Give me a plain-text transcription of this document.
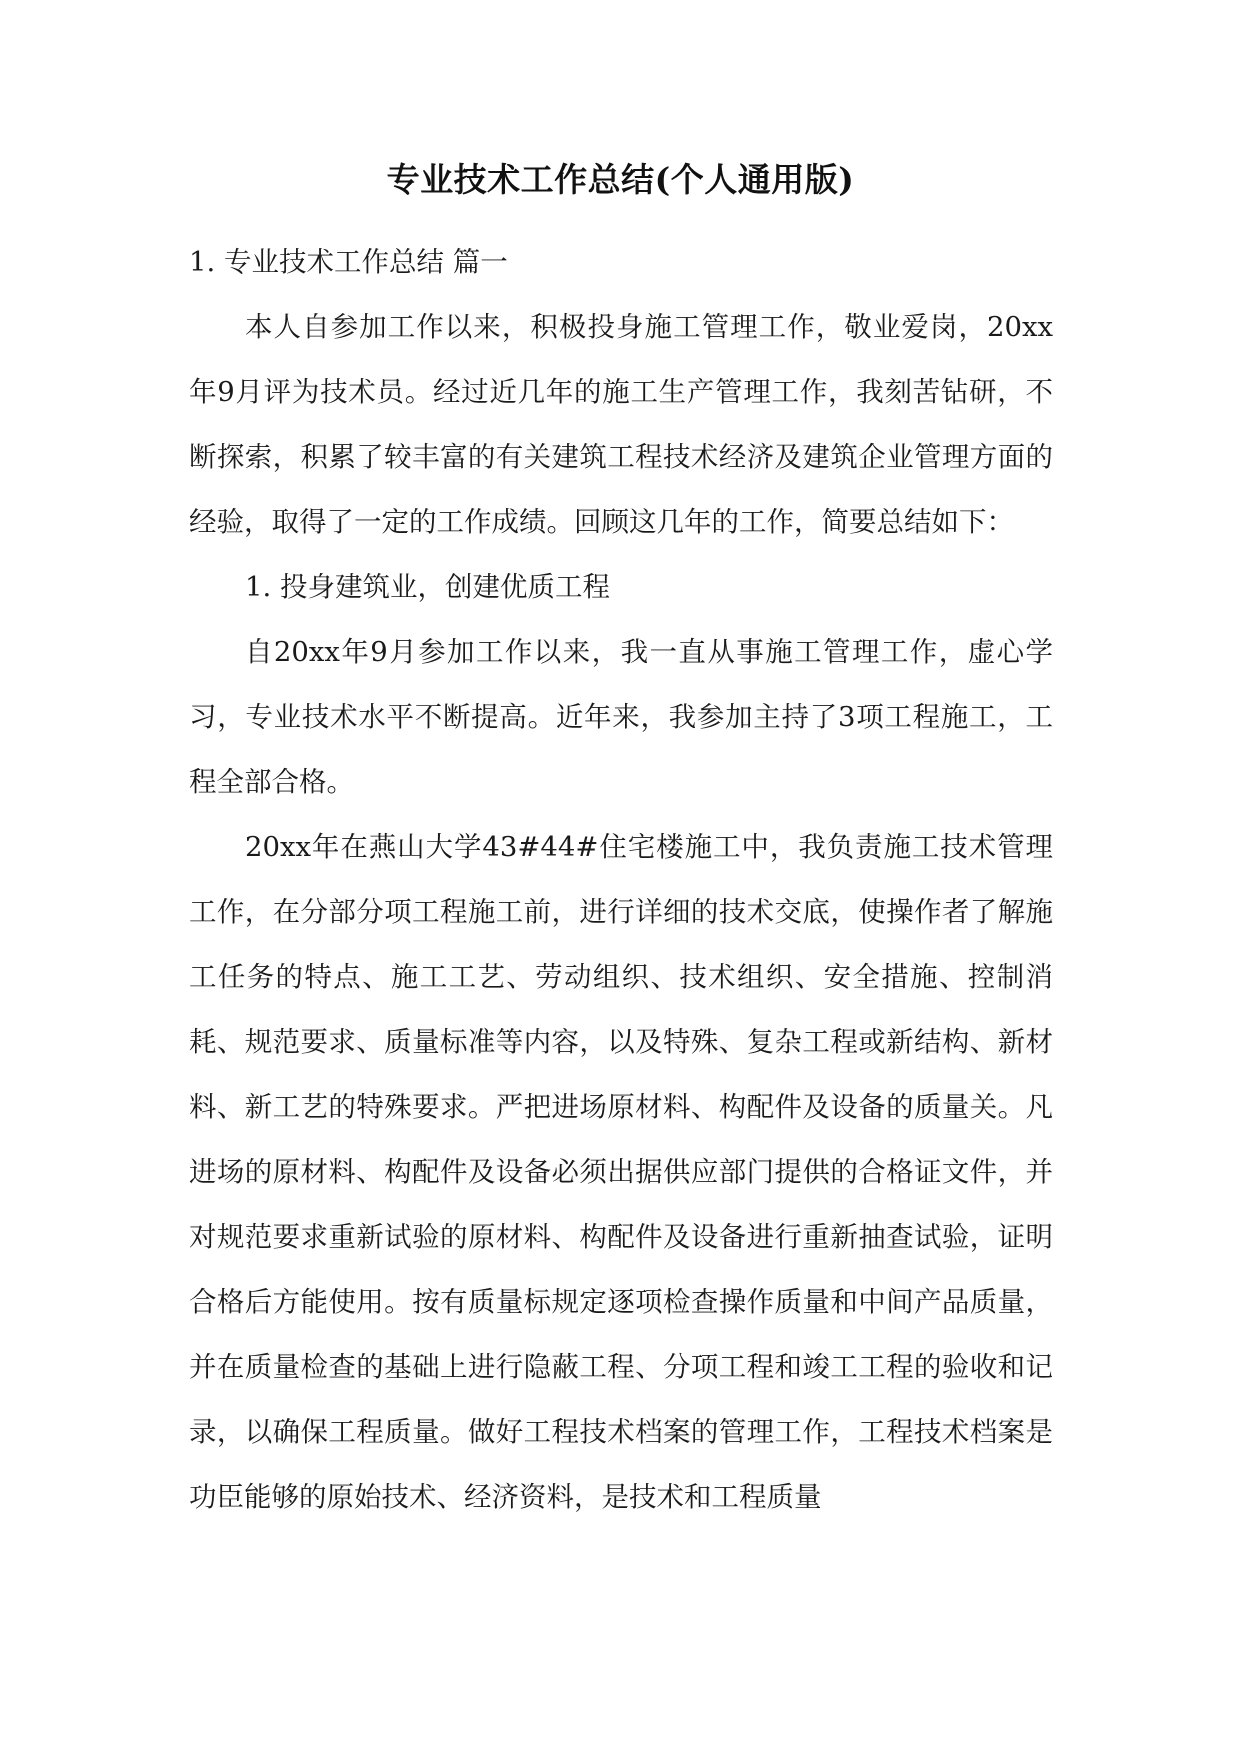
专业技术工作总结(个人通用版)

1. 专业技术工作总结 篇一

本人自参加工作以来，积极投身施工管理工作，敬业爱岗，20xx年9月评为技术员。经过近几年的施工生产管理工作，我刻苦钻研，不断探索，积累了较丰富的有关建筑工程技术经济及建筑企业管理方面的经验，取得了一定的工作成绩。回顾这几年的工作，简要总结如下：

1. 投身建筑业，创建优质工程

自20xx年9月参加工作以来，我一直从事施工管理工作，虚心学习，专业技术水平不断提高。近年来，我参加主持了3项工程施工，工程全部合格。

20xx年在燕山大学43#44#住宅楼施工中，我负责施工技术管理工作，在分部分项工程施工前，进行详细的技术交底，使操作者了解施工任务的特点、施工工艺、劳动组织、技术组织、安全措施、控制消耗、规范要求、质量标准等内容，以及特殊、复杂工程或新结构、新材料、新工艺的特殊要求。严把进场原材料、构配件及设备的质量关。凡进场的原材料、构配件及设备必须出据供应部门提供的合格证文件，并对规范要求重新试验的原材料、构配件及设备进行重新抽查试验，证明合格后方能使用。按有质量标规定逐项检查操作质量和中间产品质量，并在质量检查的基础上进行隐蔽工程、分项工程和竣工工程的验收和记录，以确保工程质量。做好工程技术档案的管理工作，工程技术档案是功臣能够的原始技术、经济资料，是技术和工程质量
